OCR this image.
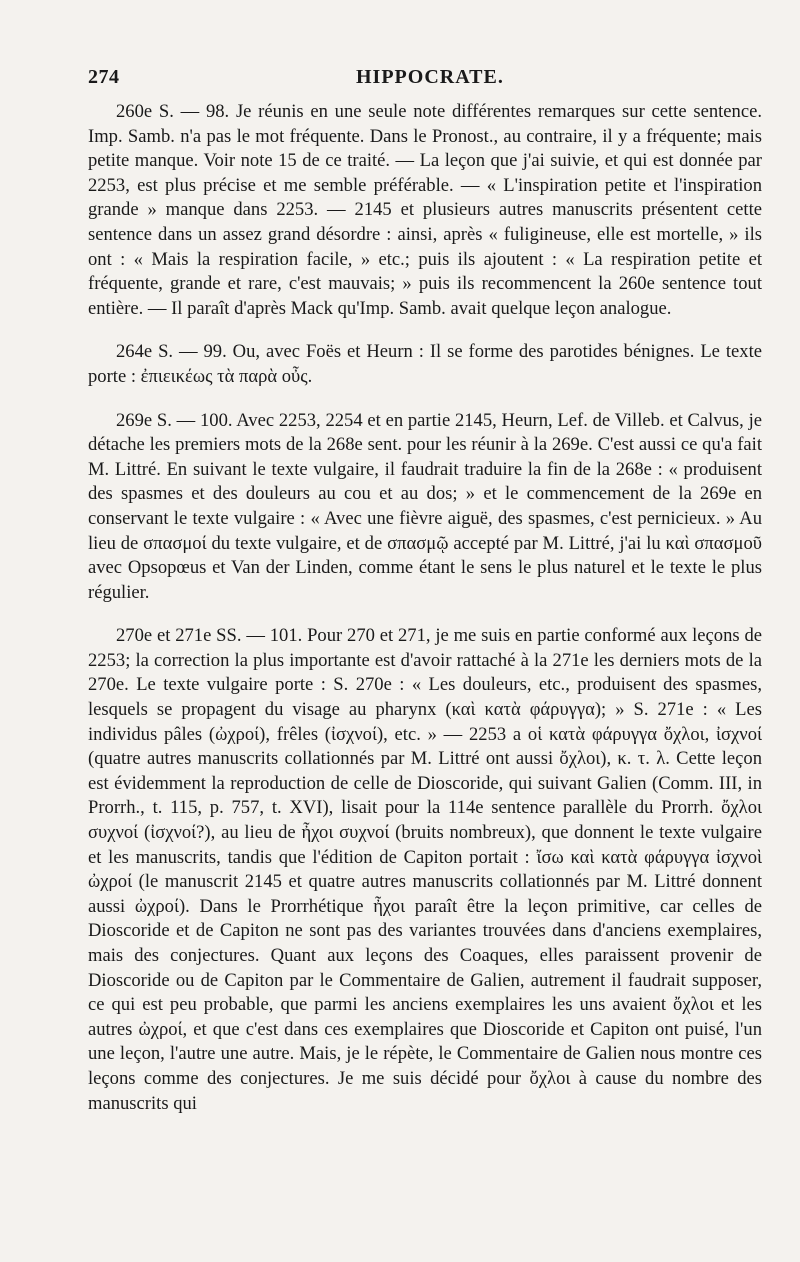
274	HIPPOCRATE.

260e S. — 98. Je réunis en une seule note différentes remarques sur cette sentence. Imp. Samb. n'a pas le mot fréquente. Dans le Pronost., au contraire, il y a fréquente; mais petite manque. Voir note 15 de ce traité. — La leçon que j'ai suivie, et qui est donnée par 2253, est plus précise et me semble préférable. — « L'inspiration petite et l'inspiration grande » manque dans 2253. — 2145 et plusieurs autres manuscrits présentent cette sentence dans un assez grand désordre : ainsi, après « fuligineuse, elle est mortelle, » ils ont : « Mais la respiration facile, » etc.; puis ils ajoutent : « La respiration petite et fréquente, grande et rare, c'est mauvais; » puis ils recommencent la 260e sentence tout entière. — Il paraît d'après Mack qu'Imp. Samb. avait quelque leçon analogue.

264e S. — 99. Ou, avec Foës et Heurn : Il se forme des parotides bénignes. Le texte porte : ἐπιεικέως τὰ παρὰ οὖς.

269e S. — 100. Avec 2253, 2254 et en partie 2145, Heurn, Lef. de Villeb. et Calvus, je détache les premiers mots de la 268e sent. pour les réunir à la 269e. C'est aussi ce qu'a fait M. Littré. En suivant le texte vulgaire, il faudrait traduire la fin de la 268e : « produisent des spasmes et des douleurs au cou et au dos; » et le commencement de la 269e en conservant le texte vulgaire : « Avec une fièvre aiguë, des spasmes, c'est pernicieux. » Au lieu de σπασμοί du texte vulgaire, et de σπασμῷ accepté par M. Littré, j'ai lu καὶ σπασμοῦ avec Opsopœus et Van der Linden, comme étant le sens le plus naturel et le texte le plus régulier.

270e et 271e SS. — 101. Pour 270 et 271, je me suis en partie conformé aux leçons de 2253; la correction la plus importante est d'avoir rattaché à la 271e les derniers mots de la 270e. Le texte vulgaire porte : S. 270e : « Les douleurs, etc., produisent des spasmes, lesquels se propagent du visage au pharynx (καὶ κατὰ φάρυγγα); » S. 271e : « Les individus pâles (ὠχροί), frêles (ἰσχνοί), etc. » — 2253 a οἱ κατὰ φάρυγγα ὄχλοι, ἰσχνοί (quatre autres manuscrits collationnés par M. Littré ont aussi ὄχλοι), κ. τ. λ. Cette leçon est évidemment la reproduction de celle de Dioscoride, qui suivant Galien (Comm. III, in Prorrh., t. 115, p. 757, t. XVI), lisait pour la 114e sentence parallèle du Prorrh. ὄχλοι συχνοί (ἰσχνοί?), au lieu de ἦχοι συχνοί (bruits nombreux), que donnent le texte vulgaire et les manuscrits, tandis que l'édition de Capiton portait : ἴσω καὶ κατὰ φάρυγγα ἰσχνοὶ ὠχροί (le manuscrit 2145 et quatre autres manuscrits collationnés par M. Littré donnent aussi ὠχροί). Dans le Prorrhétique ἦχοι paraît être la leçon primitive, car celles de Dioscoride et de Capiton ne sont pas des variantes trouvées dans d'anciens exemplaires, mais des conjectures. Quant aux leçons des Coaques, elles paraissent provenir de Dioscoride ou de Capiton par le Commentaire de Galien, autrement il faudrait supposer, ce qui est peu probable, que parmi les anciens exemplaires les uns avaient ὄχλοι et les autres ὠχροί, et que c'est dans ces exemplaires que Dioscoride et Capiton ont puisé, l'un une leçon, l'autre une autre. Mais, je le répète, le Commentaire de Galien nous montre ces leçons comme des conjectures. Je me suis décidé pour ὄχλοι à cause du nombre des manuscrits qui
